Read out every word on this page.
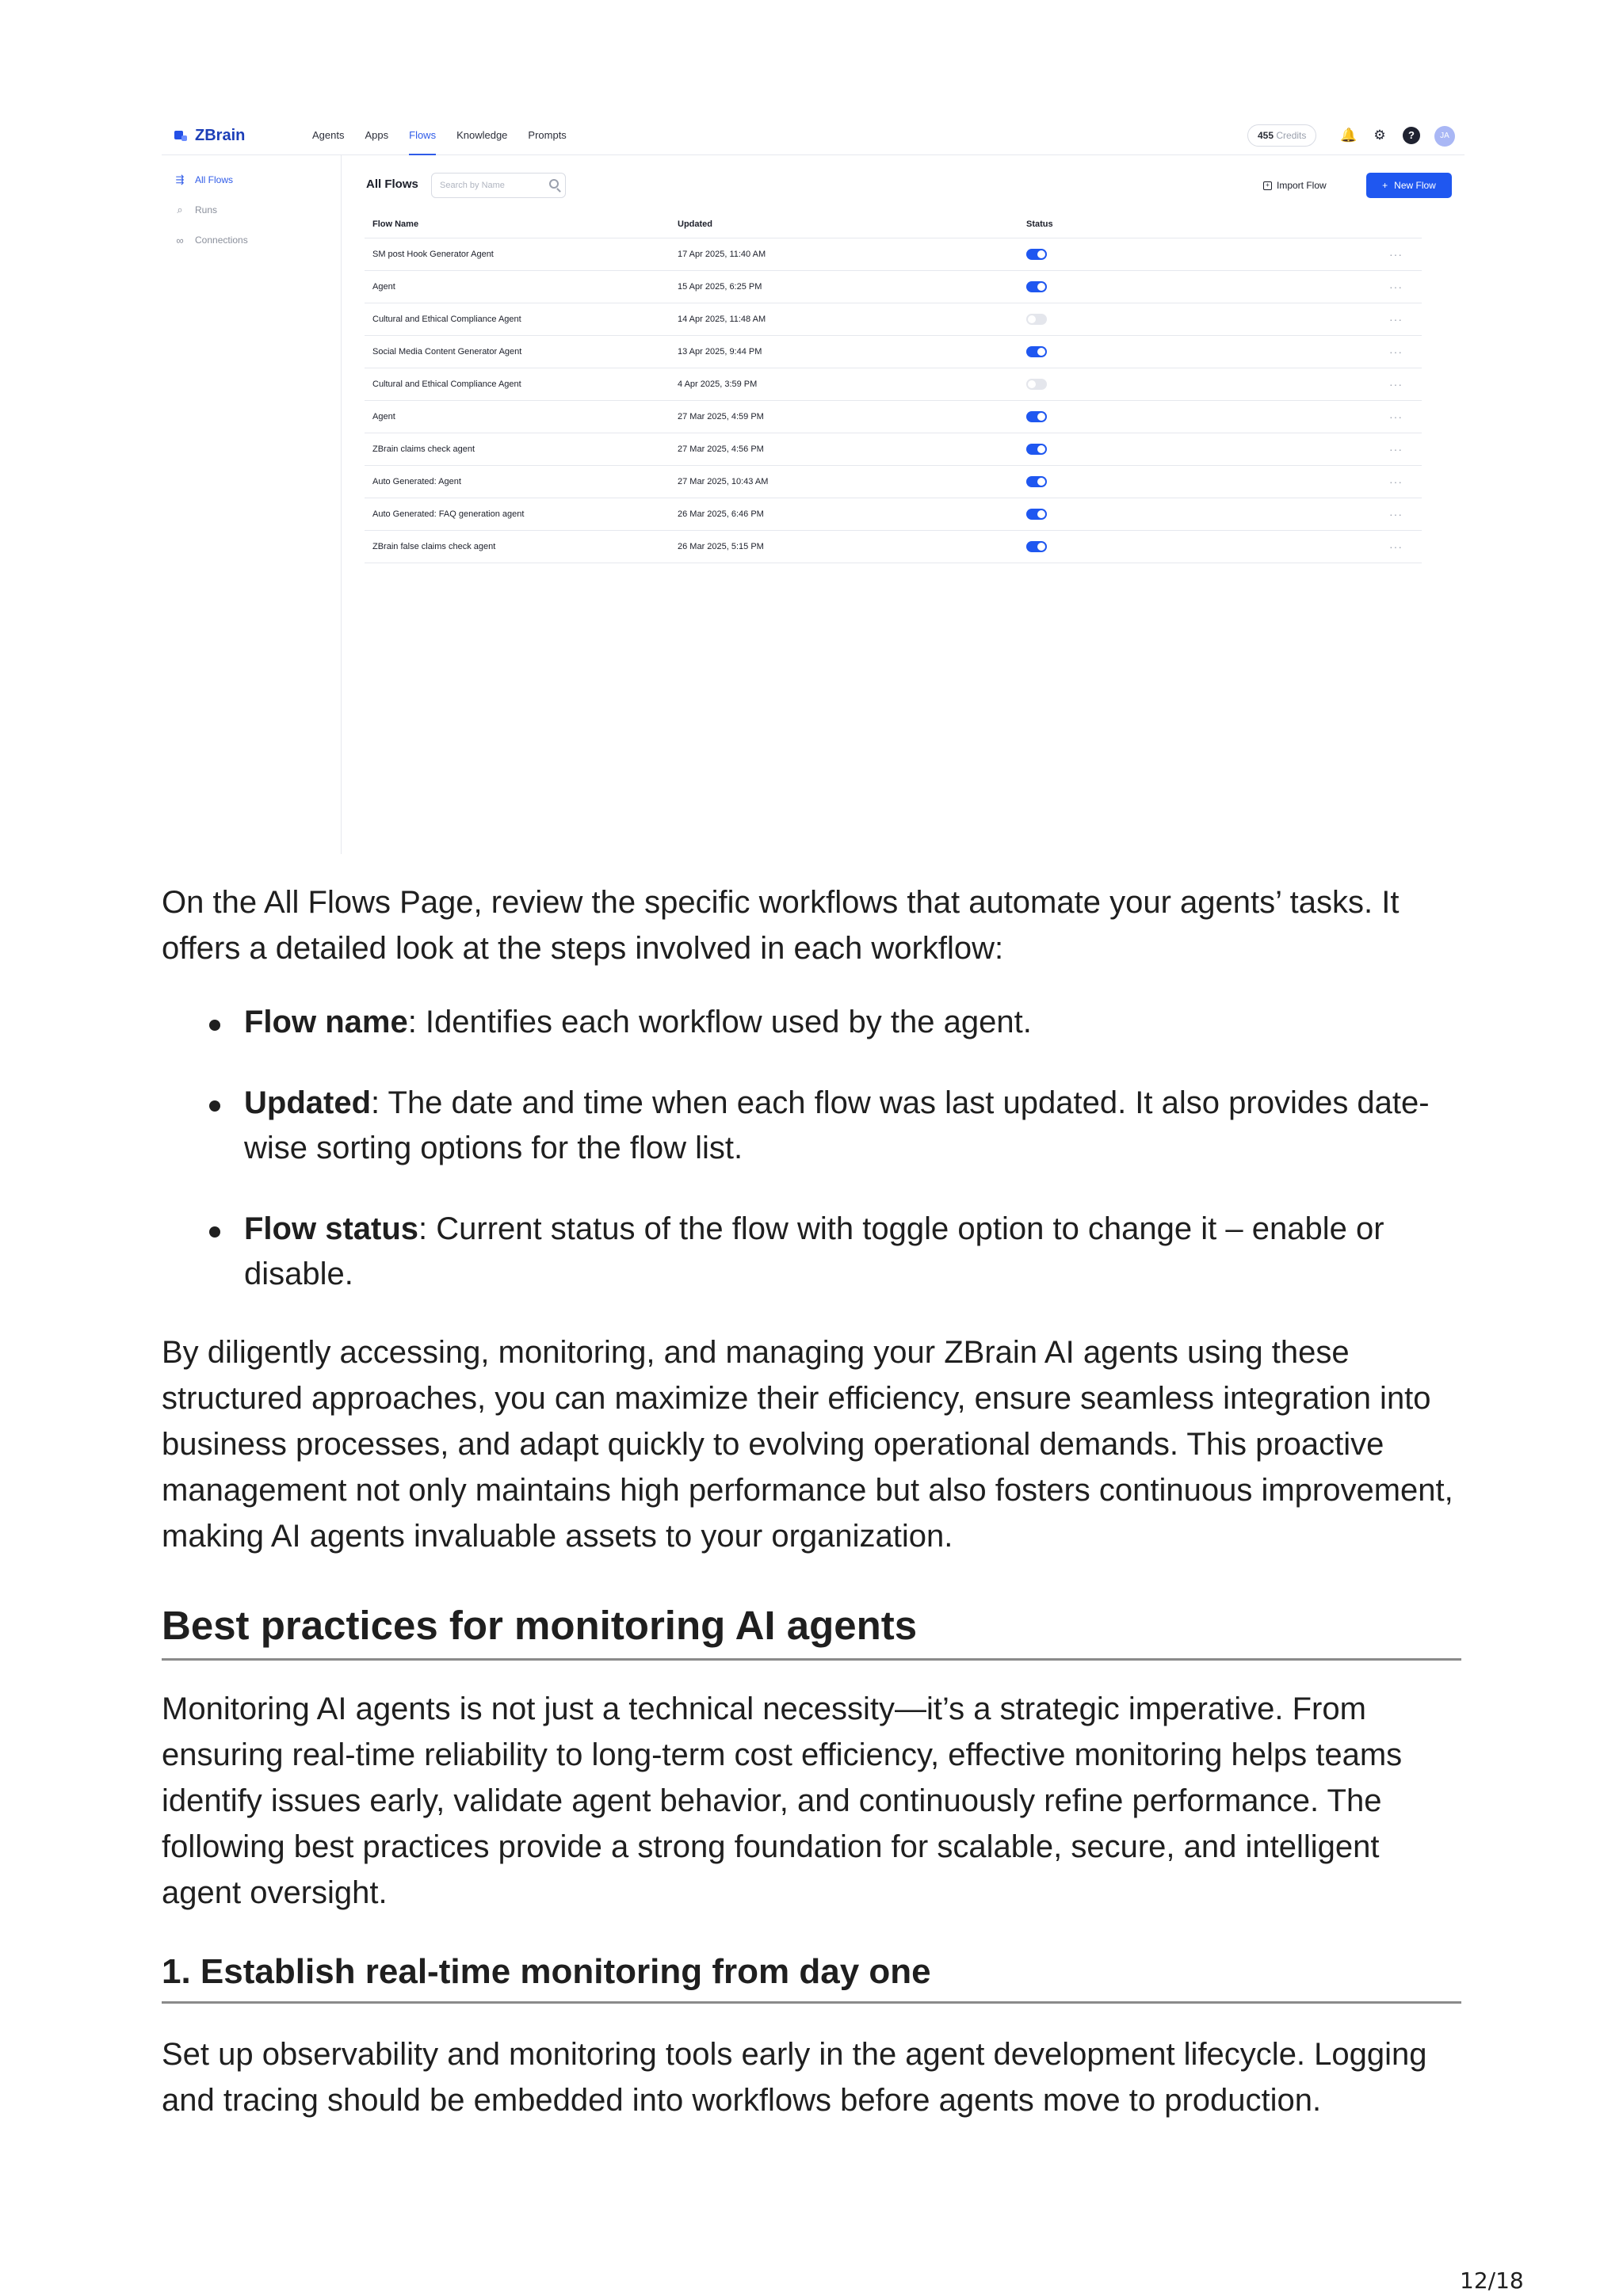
ZBrain	Agents Apps Flows Knowledge Prompts	455 Credits	🔔 ⚙	?	JA
⇶ All Flows
⌕ Runs
∞ Connections
All Flows
Search by Name	+ Import Flow	+ New Flow
Flow Name	Updated	Status	
SM post Hook Generator Agent	17 Apr 2025, 11:40 AM		···
Agent	15 Apr 2025, 6:25 PM		···
Cultural and Ethical Compliance Agent	14 Apr 2025, 11:48 AM		···
Social Media Content Generator Agent	13 Apr 2025, 9:44 PM		···
Cultural and Ethical Compliance Agent	4 Apr 2025, 3:59 PM		···
Agent	27 Mar 2025, 4:59 PM		···
ZBrain claims check agent	27 Mar 2025, 4:56 PM		···
Auto Generated: Agent	27 Mar 2025, 10:43 AM		···
Auto Generated: FAQ generation agent	26 Mar 2025, 6:46 PM		···
ZBrain false claims check agent	26 Mar 2025, 5:15 PM		···

On the All Flows Page, review the specific workflows that automate your agents’ tasks. It offers a detailed look at the steps involved in each workflow:

Flow name: Identifies each workflow used by the agent.
Updated: The date and time when each flow was last updated. It also provides date-wise sorting options for the flow list.
Flow status: Current status of the flow with toggle option to change it – enable or disable.

By diligently accessing, monitoring, and managing your ZBrain AI agents using these structured approaches, you can maximize their efficiency, ensure seamless integration into business processes, and adapt quickly to evolving operational demands. This proactive management not only maintains high performance but also fosters continuous improvement, making AI agents invaluable assets to your organization.

Best practices for monitoring AI agents

Monitoring AI agents is not just a technical necessity—it’s a strategic imperative. From ensuring real-time reliability to long-term cost efficiency, effective monitoring helps teams identify issues early, validate agent behavior, and continuously refine performance. The following best practices provide a strong foundation for scalable, secure, and intelligent agent oversight.

1. Establish real-time monitoring from day one

Set up observability and monitoring tools early in the agent development lifecycle. Logging and tracing should be embedded into workflows before agents move to production.

12/18
